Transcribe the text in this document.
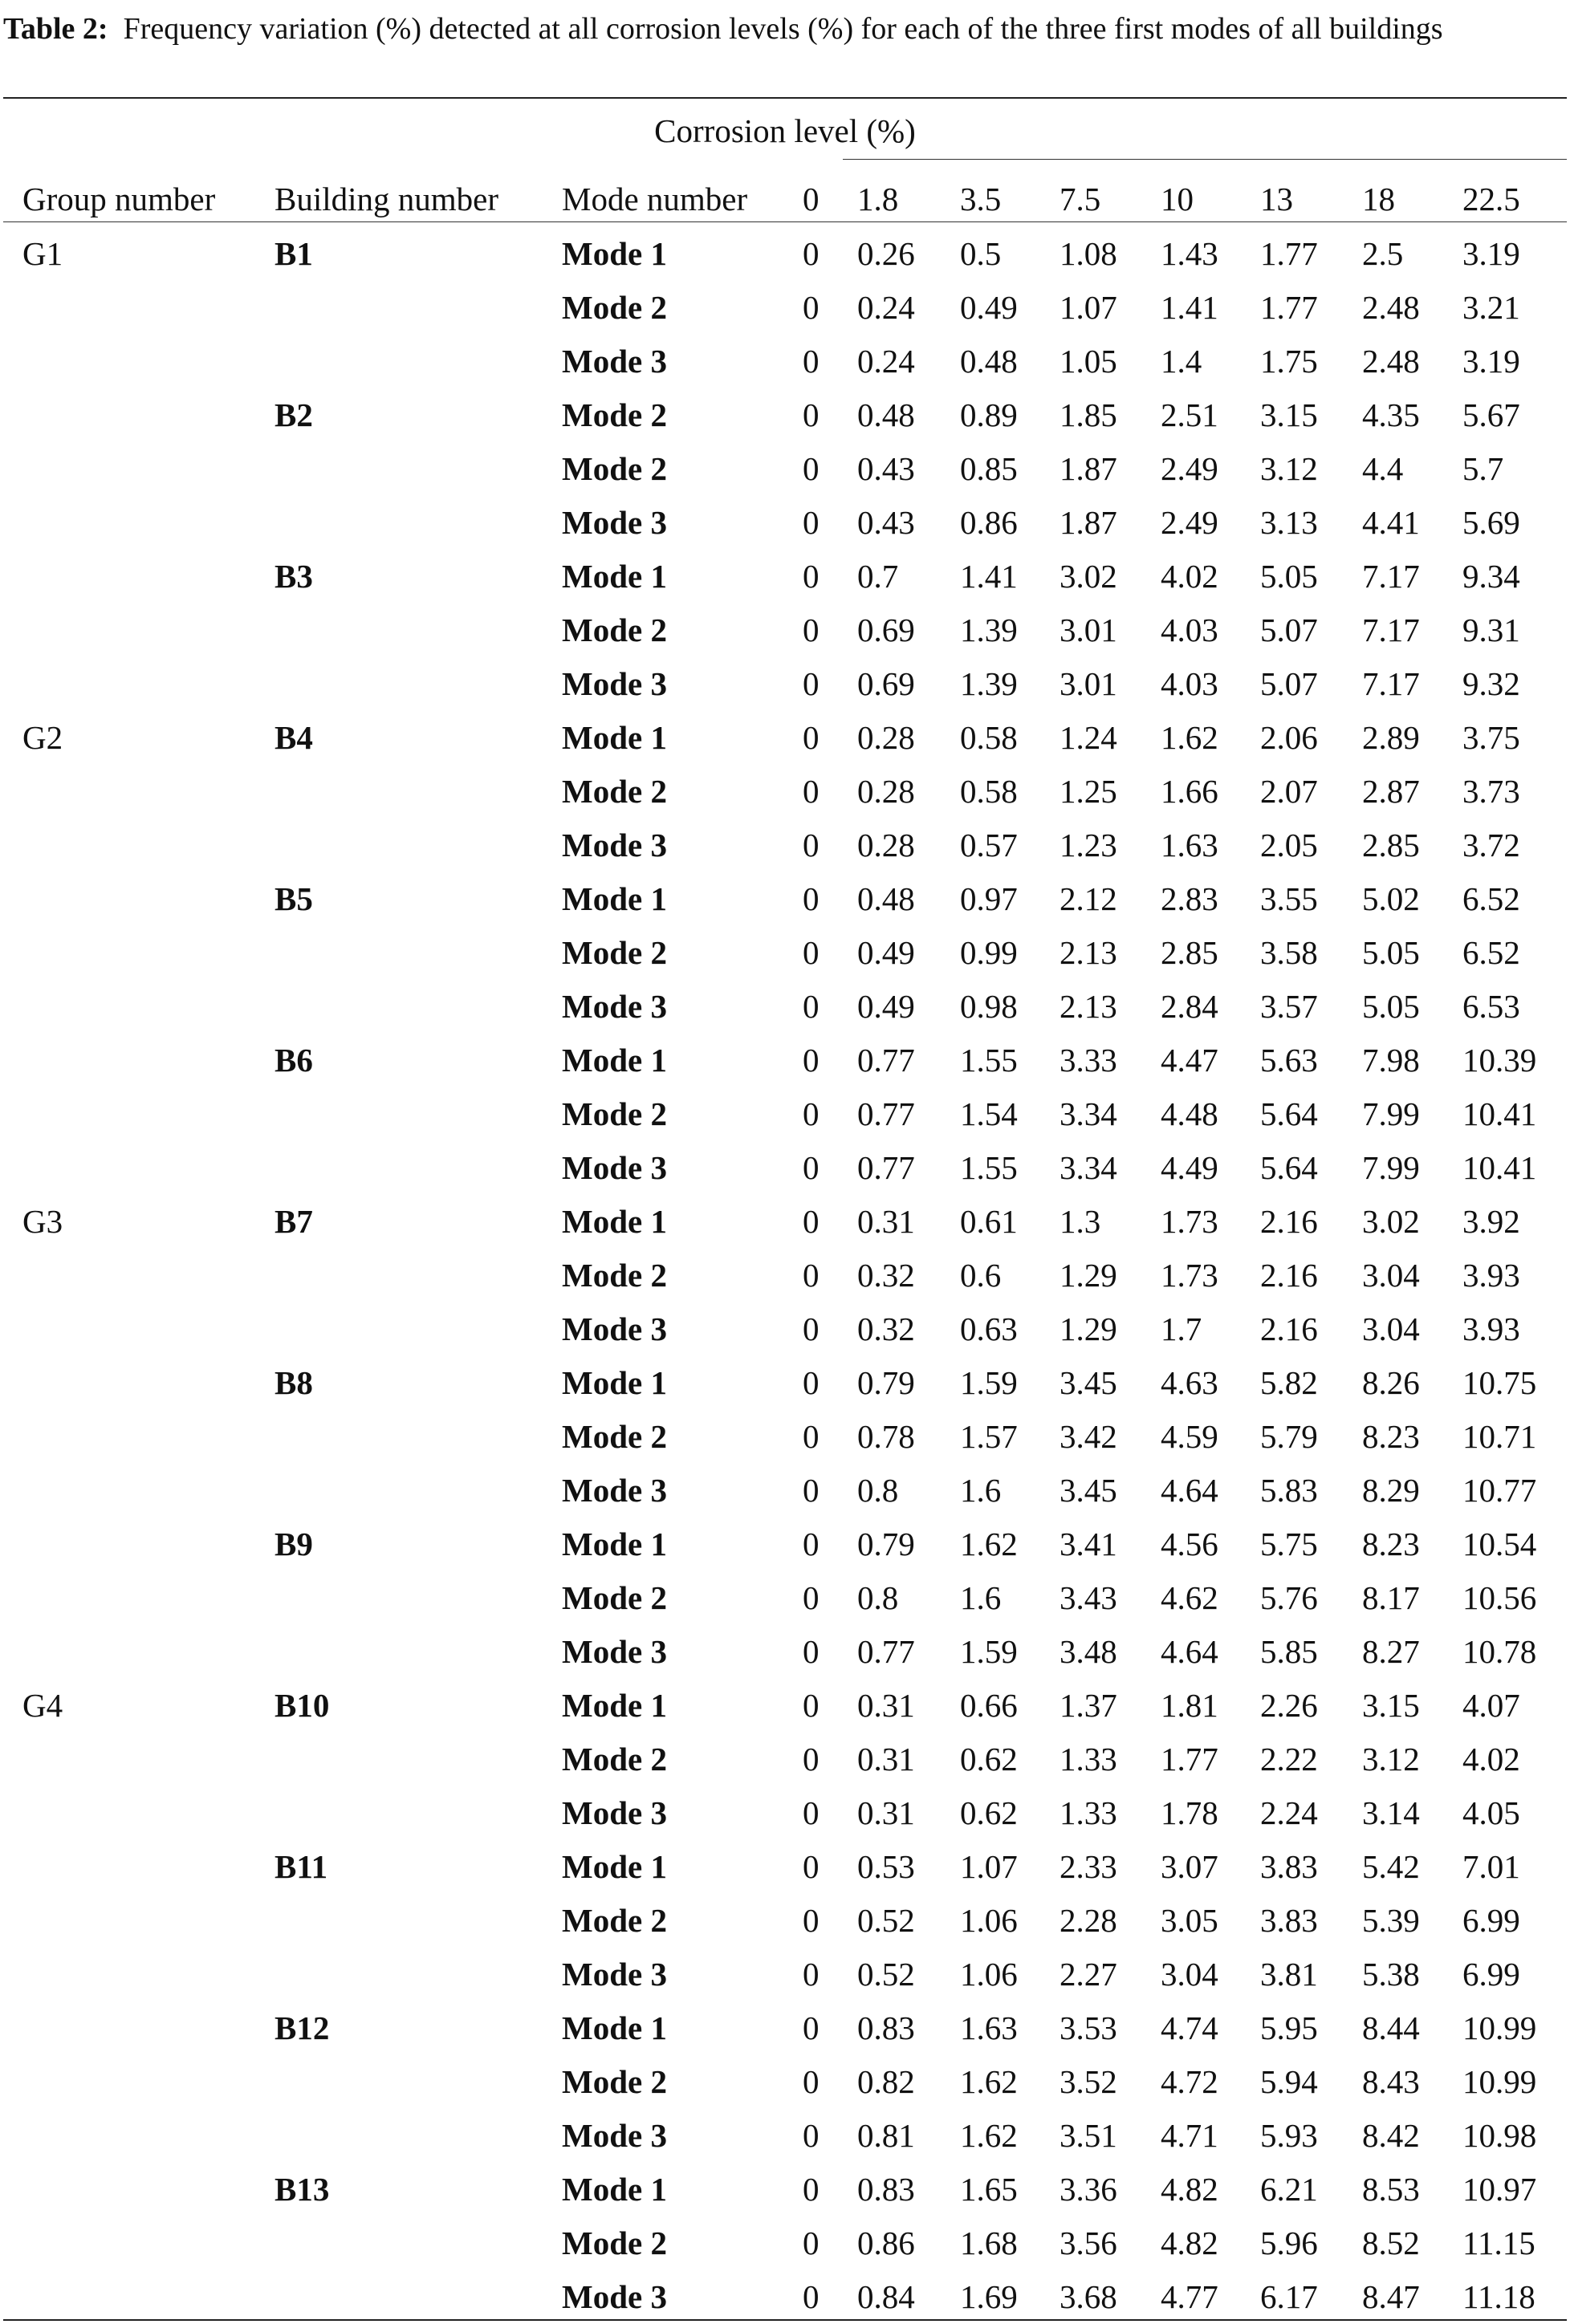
Table 2: Frequency variation (%) detected at all corrosion levels (%) for each of the three first modes of all buildings
Corrosion level (%)
Group number Building number Mode number 0 1.8 3.5 7.5 10 13 18 22.5
G1	B1	Mode 1	0 0.26 0.5 1.08 1.43 1.77 2.5 3.19
Mode 2	0 0.24 0.49 1.07 1.41 1.77 2.48 3.21
Mode 3	0 0.24 0.48 1.05 1.4 1.75 2.48 3.19
B2	Mode 2	0 0.48 0.89 1.85 2.51 3.15 4.35 5.67
Mode 2	0 0.43 0.85 1.87 2.49 3.12 4.4 5.7
Mode 3	0 0.43 0.86 1.87 2.49 3.13 4.41 5.69
B3	Mode 1	0 0.7 1.41 3.02 4.02 5.05 7.17 9.34
Mode 2	0 0.69 1.39 3.01 4.03 5.07 7.17 9.31
Mode 3	0 0.69 1.39 3.01 4.03 5.07 7.17 9.32
G2	B4	Mode 1	0 0.28 0.58 1.24 1.62 2.06 2.89 3.75
Mode 2	0 0.28 0.58 1.25 1.66 2.07 2.87 3.73
Mode 3	0 0.28 0.57 1.23 1.63 2.05 2.85 3.72
B5	Mode 1	0 0.48 0.97 2.12 2.83 3.55 5.02 6.52
Mode 2	0 0.49 0.99 2.13 2.85 3.58 5.05 6.52
Mode 3	0 0.49 0.98 2.13 2.84 3.57 5.05 6.53
B6	Mode 1	0 0.77 1.55 3.33 4.47 5.63 7.98 10.39
Mode 2	0 0.77 1.54 3.34 4.48 5.64 7.99 10.41
Mode 3	0 0.77 1.55 3.34 4.49 5.64 7.99 10.41
G3	B7	Mode 1	0 0.31 0.61 1.3 1.73 2.16 3.02 3.92
Mode 2	0 0.32 0.6 1.29 1.73 2.16 3.04 3.93
Mode 3	0 0.32 0.63 1.29 1.7 2.16 3.04 3.93
B8	Mode 1	0 0.79 1.59 3.45 4.63 5.82 8.26 10.75
Mode 2	0 0.78 1.57 3.42 4.59 5.79 8.23 10.71
Mode 3	0 0.8 1.6 3.45 4.64 5.83 8.29 10.77
B9	Mode 1	0 0.79 1.62 3.41 4.56 5.75 8.23 10.54
Mode 2	0 0.8 1.6 3.43 4.62 5.76 8.17 10.56
Mode 3	0 0.77 1.59 3.48 4.64 5.85 8.27 10.78
G4	B10	Mode 1	0 0.31 0.66 1.37 1.81 2.26 3.15 4.07
Mode 2	0 0.31 0.62 1.33 1.77 2.22 3.12 4.02
Mode 3	0 0.31 0.62 1.33 1.78 2.24 3.14 4.05
B11	Mode 1	0 0.53 1.07 2.33 3.07 3.83 5.42 7.01
Mode 2	0 0.52 1.06 2.28 3.05 3.83 5.39 6.99
Mode 3	0 0.52 1.06 2.27 3.04 3.81 5.38 6.99
B12	Mode 1	0 0.83 1.63 3.53 4.74 5.95 8.44 10.99
Mode 2	0 0.82 1.62 3.52 4.72 5.94 8.43 10.99
Mode 3	0 0.81 1.62 3.51 4.71 5.93 8.42 10.98
B13	Mode 1	0 0.83 1.65 3.36 4.82 6.21 8.53 10.97
Mode 2	0 0.86 1.68 3.56 4.82 5.96 8.52 11.15
Mode 3	0 0.84 1.69 3.68 4.77 6.17 8.47 11.18
